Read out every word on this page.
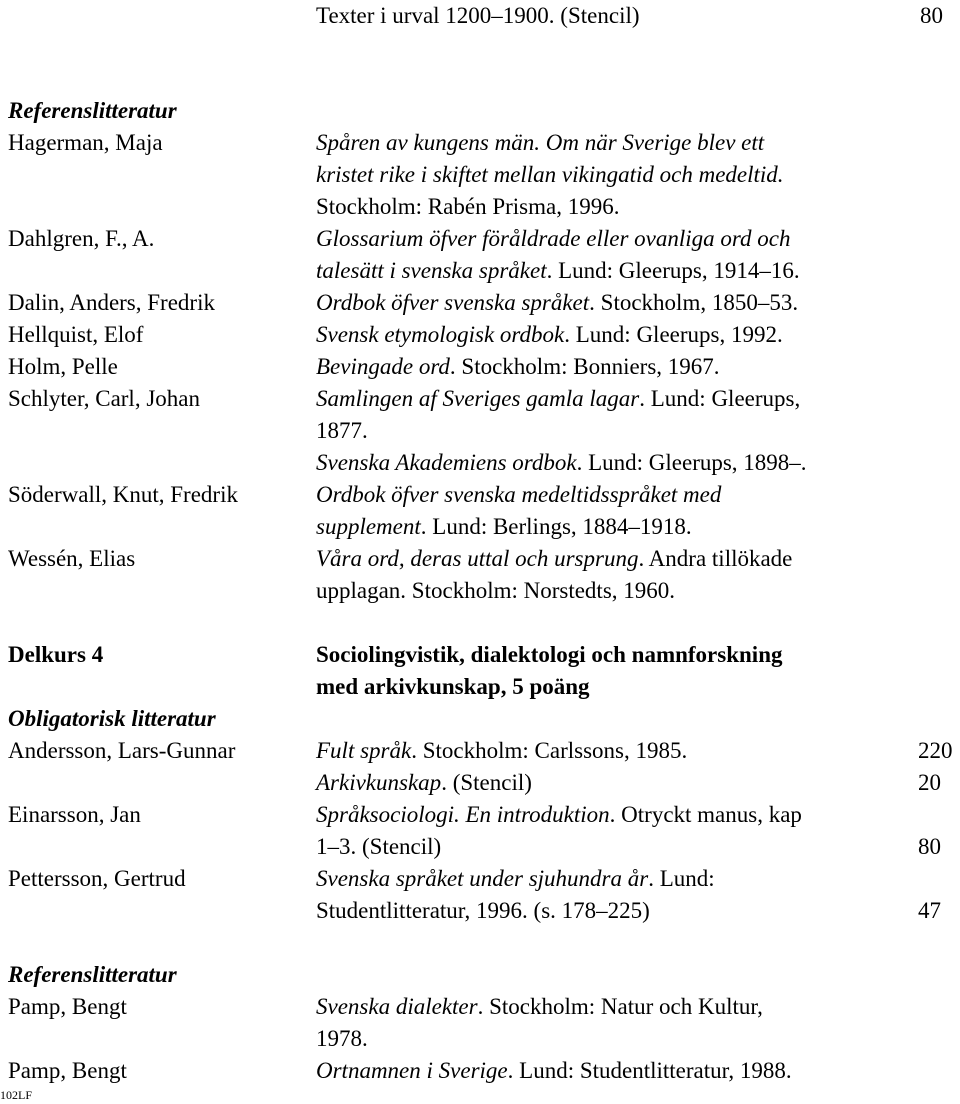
Texter i urval 1200–1900. (Stencil)	80
Referenslitteratur
Hagerman, Maja	Spåren av kungens män. Om när Sverige blev ett
kristet rike i skiftet mellan vikingatid och medeltid.
Stockholm: Rabén Prisma, 1996.
Dahlgren, F., A.	Glossarium öfver föråldrade eller ovanliga ord och
talesätt i svenska språket. Lund: Gleerups, 1914–16.
Dalin, Anders, Fredrik	Ordbok öfver svenska språket. Stockholm, 1850–53.
Hellquist, Elof	Svensk etymologisk ordbok. Lund: Gleerups, 1992.
Holm, Pelle	Bevingade ord. Stockholm: Bonniers, 1967.
Schlyter, Carl, Johan	Samlingen af Sveriges gamla lagar. Lund: Gleerups,
1877.
Svenska Akademiens ordbok. Lund: Gleerups, 1898–.
Söderwall, Knut, Fredrik	Ordbok öfver svenska medeltidsspråket med
supplement. Lund: Berlings, 1884–1918.
Wessén, Elias	Våra ord, deras uttal och ursprung. Andra tillökade
upplagan. Stockholm: Norstedts, 1960.
Delkurs 4	Sociolingvistik, dialektologi och namnforskning
med arkivkunskap, 5 poäng
Obligatorisk litteratur
Andersson, Lars-Gunnar	Fult språk. Stockholm: Carlssons, 1985.	220
Arkivkunskap. (Stencil)	20
Einarsson, Jan	Språksociologi. En introduktion. Otryckt manus, kap
1–3. (Stencil)	80
Pettersson, Gertrud	Svenska språket under sjuhundra år. Lund:
Studentlitteratur, 1996. (s. 178–225)	47
Referenslitteratur
Pamp, Bengt	Svenska dialekter. Stockholm: Natur och Kultur,
1978.
Pamp, Bengt	Ortnamnen i Sverige. Lund: Studentlitteratur, 1988.
102LF
